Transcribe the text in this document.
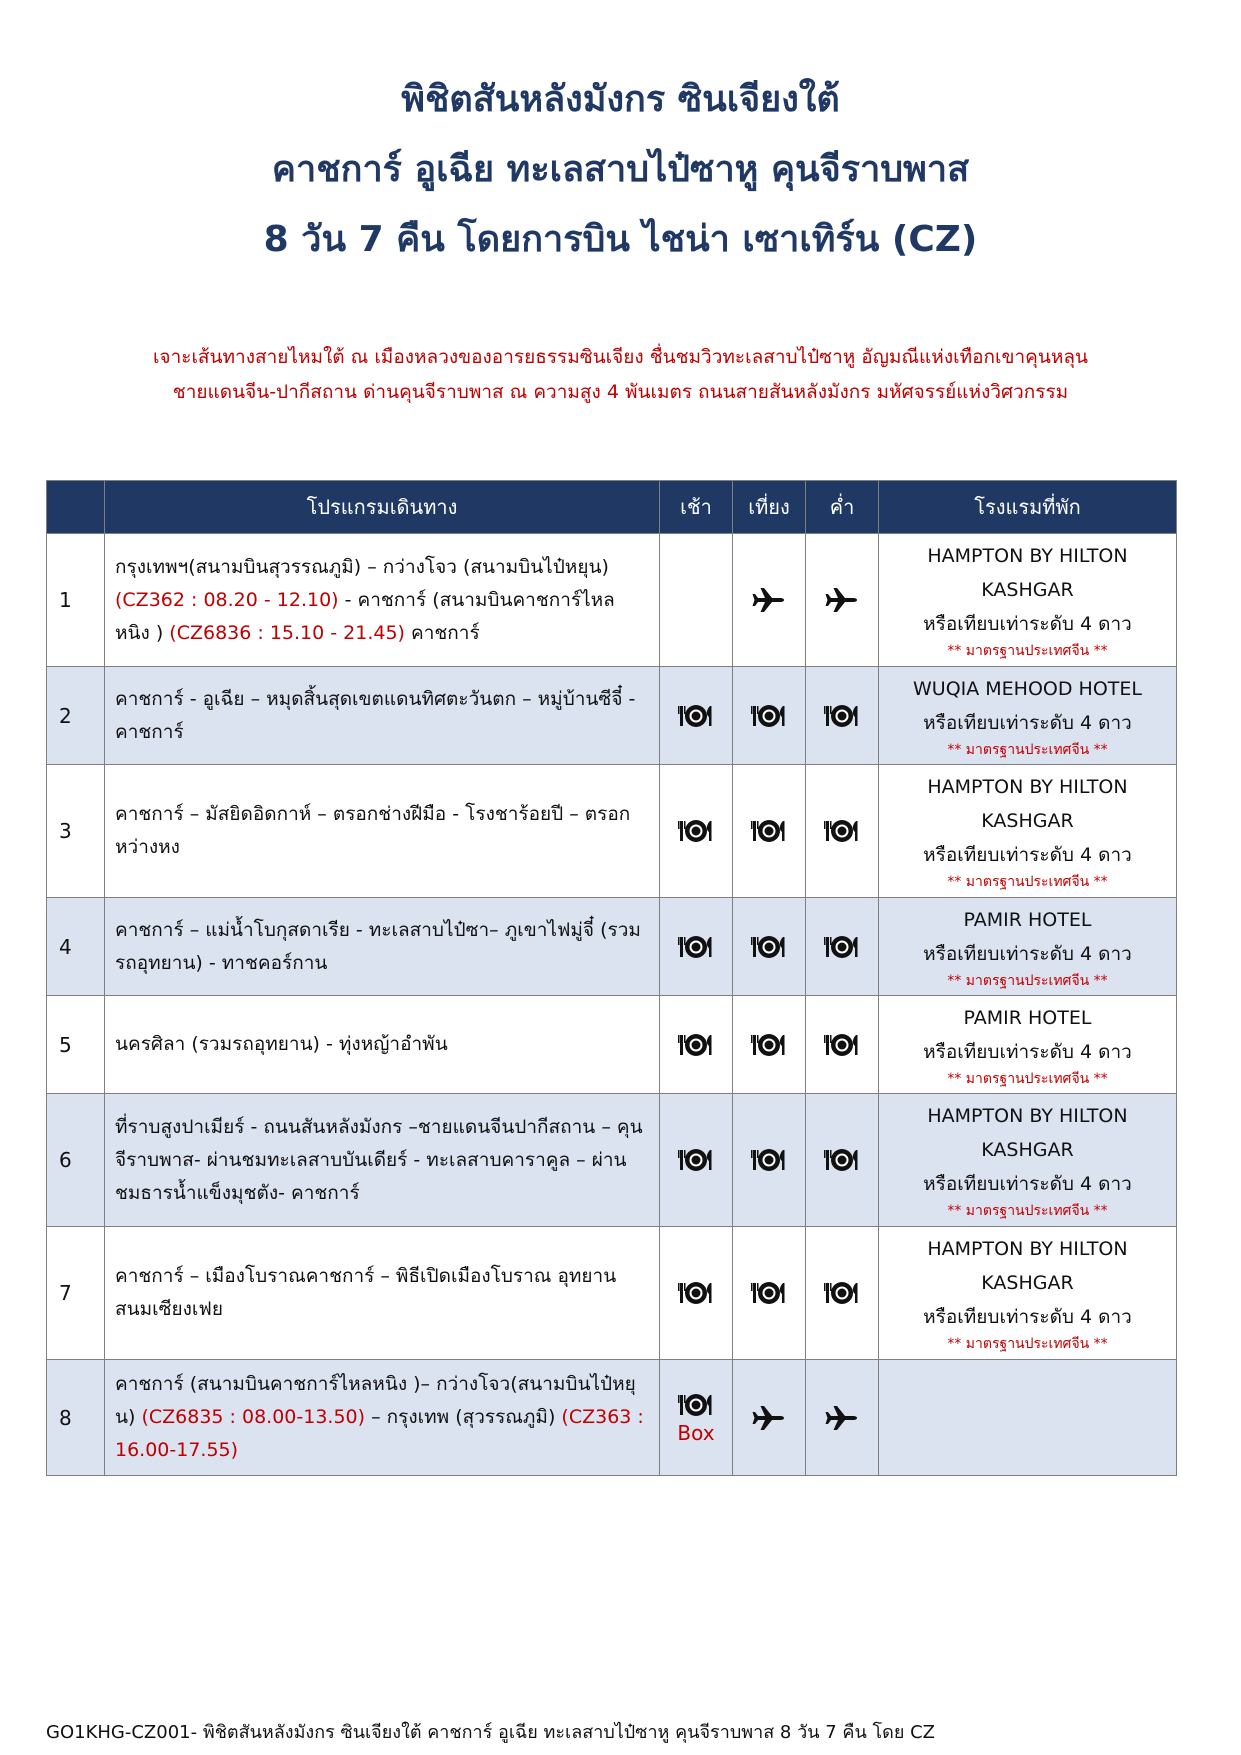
พิชิตสันหลังมังกร ซินเจียงใต้
คาชการ์ อูเฉีย ทะเลสาบไป๋ซาหู คุนจีราบพาส
8 วัน 7 คืน โดยการบิน ไชน่า เซาเทิร์น (CZ)
เจาะเส้นทางสายไหมใต้ ณ เมืองหลวงของอารยธรรมซินเจียง ชื่นชมวิวทะเลสาบไป๋ซาหู อัญมณีแห่งเทือกเขาคุนหลุน
ชายแดนจีน-ปากีสถาน ด่านคุนจีราบพาส ณ ความสูง 4 พันเมตร ถนนสายสันหลังมังกร มหัศจรรย์แห่งวิศวกรรม
	โปรแกรมเดินทาง	เช้า	เที่ยง	ค่ำ	โรงแรมที่พัก
1	กรุงเทพฯ(สนามบินสุวรรณภูมิ) – กว่างโจว (สนามบินไป๋หยุน) (CZ362 : 08.20 - 12.10) - คาชการ์ (สนามบินคาชการ์ไหลหนิง ) (CZ6836 : 15.10 - 21.45) คาชการ์				HAMPTON BY HILTON
KASHGAR
หรือเทียบเท่าระดับ 4 ดาว
** มาตรฐานประเทศจีน **

2	คาชการ์ - อูเฉีย – หมุดสิ้นสุดเขตแดนทิศตะวันตก – หมู่บ้านซีจี๋ - คาชการ์				WUQIA MEHOOD HOTEL
หรือเทียบเท่าระดับ 4 ดาว
** มาตรฐานประเทศจีน **

3	คาชการ์ – มัสยิดอิดกาห์ – ตรอกช่างฝีมือ - โรงชาร้อยปี – ตรอกหว่างหง				HAMPTON BY HILTON
KASHGAR
หรือเทียบเท่าระดับ 4 ดาว
** มาตรฐานประเทศจีน **

4	คาชการ์ – แม่น้ำโบกุสดาเรีย - ทะเลสาบไป๋ซา– ภูเขาไฟมู่จี๋ (รวมรถอุทยาน) - ทาชคอร์กาน				PAMIR HOTEL
หรือเทียบเท่าระดับ 4 ดาว
** มาตรฐานประเทศจีน **

5	นครศิลา (รวมรถอุทยาน) - ทุ่งหญ้าอำพัน				PAMIR HOTEL
หรือเทียบเท่าระดับ 4 ดาว
** มาตรฐานประเทศจีน **

6	ที่ราบสูงปาเมียร์ - ถนนสันหลังมังกร –ชายแดนจีนปากีสถาน – คุนจีราบพาส- ผ่านชมทะเลสาบบันเดียร์ - ทะเลสาบคาราคูล – ผ่านชมธารน้ำแข็งมุชตัง- คาชการ์				HAMPTON BY HILTON
KASHGAR
หรือเทียบเท่าระดับ 4 ดาว
** มาตรฐานประเทศจีน **

7	คาชการ์ – เมืองโบราณคาชการ์ – พิธีเปิดเมืองโบราณ อุทยานสนมเซียงเฟย				HAMPTON BY HILTON
KASHGAR
หรือเทียบเท่าระดับ 4 ดาว
** มาตรฐานประเทศจีน **

8	คาชการ์ (สนามบินคาชการ์ไหลหนิง )– กว่างโจว(สนามบินไป๋หยุน) (CZ6835 : 08.00-13.50) – กรุงเทพ (สุวรรณภูมิ) (CZ363 : 16.00-17.55)	Box

GO1KHG-CZ001- พิชิตสันหลังมังกร ซินเจียงใต้ คาชการ์ อูเฉีย ทะเลสาบไป๋ซาหู คุนจีราบพาส 8 วัน 7 คืน โดย CZ
